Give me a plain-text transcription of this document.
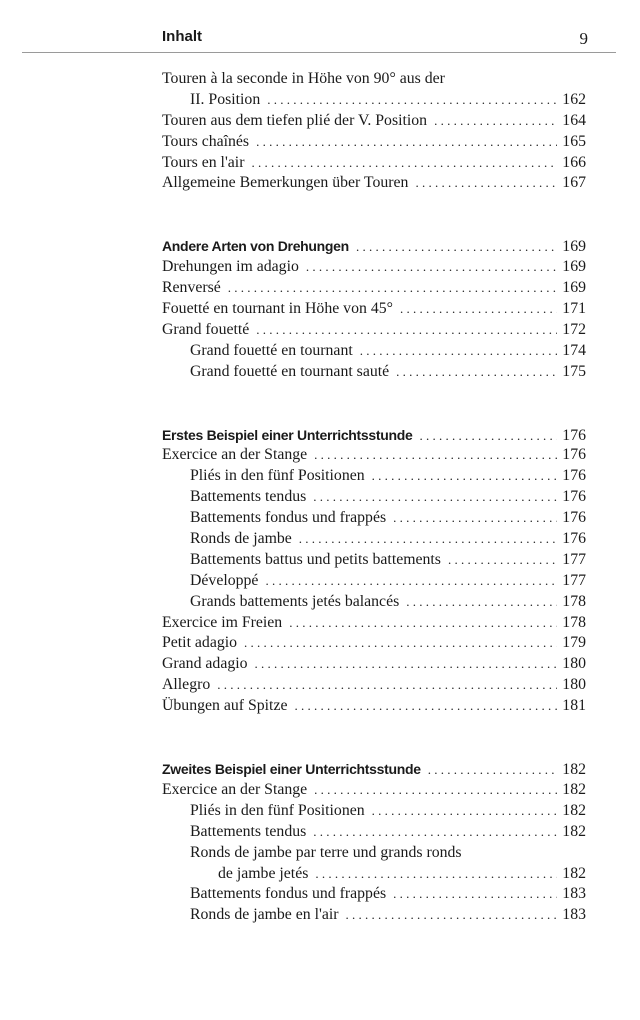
Inhalt	9
Touren à la seconde in Höhe von 90° aus der
II. Position . . .	162
Touren aus dem tiefen plié der V. Position . . .	164
Tours chaînés . . .	165
Tours en l'air . . .	166
Allgemeine Bemerkungen über Touren . . .	167
Andere Arten von Drehungen . . .	169
Drehungen im adagio . . .	169
Renversé . . .	169
Fouetté en tournant in Höhe von 45° . . .	171
Grand fouetté . . .	172
Grand fouetté en tournant . . .	174
Grand fouetté en tournant sauté . . .	175
Erstes Beispiel einer Unterrichtsstunde . . .	176
Exercice an der Stange . . .	176
Pliés in den fünf Positionen . . .	176
Battements tendus . . .	176
Battements fondus und frappés . . .	176
Ronds de jambe . . .	176
Battements battus und petits battements . . .	177
Développé . . .	177
Grands battements jetés balancés . . .	178
Exercice im Freien . . .	178
Petit adagio . . .	179
Grand adagio . . .	180
Allegro . . .	180
Übungen auf Spitze . . .	181
Zweites Beispiel einer Unterrichtsstunde . . .	182
Exercice an der Stange . . .	182
Pliés in den fünf Positionen . . .	182
Battements tendus . . .	182
Ronds de jambe par terre und grands ronds
de jambe jetés . . .	182
Battements fondus und frappés . . .	183
Ronds de jambe en l'air . . .	183
